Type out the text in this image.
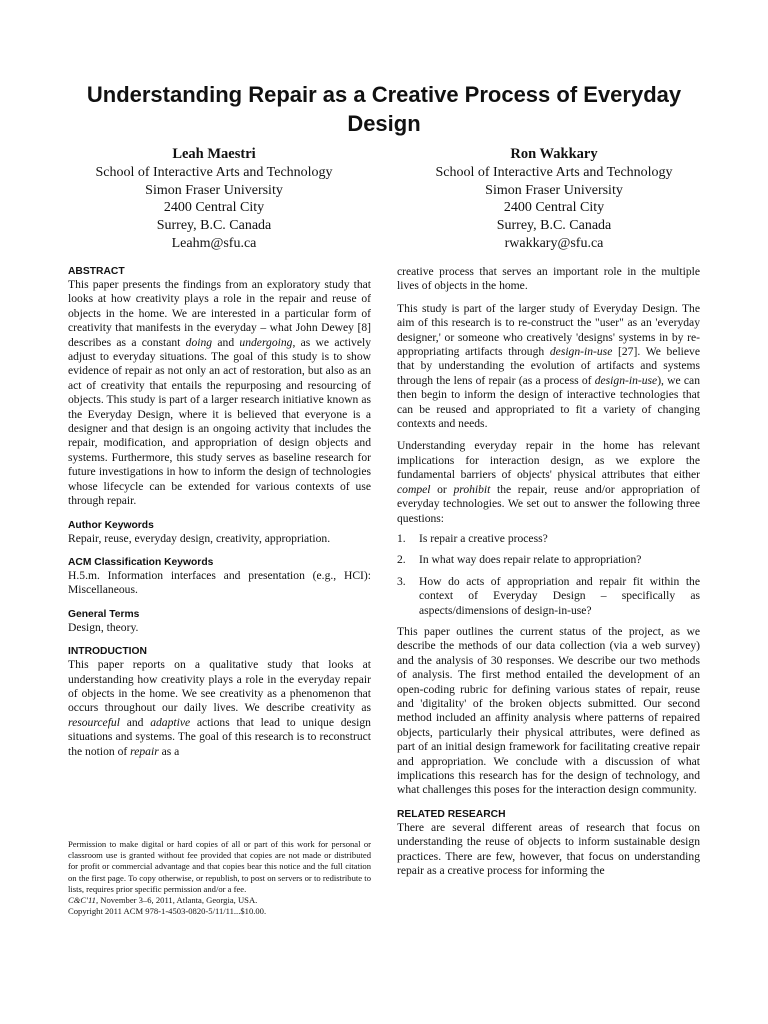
Understanding Repair as a Creative Process of Everyday Design
Leah Maestri
School of Interactive Arts and Technology
Simon Fraser University
2400 Central City
Surrey, B.C. Canada
Leahm@sfu.ca
Ron Wakkary
School of Interactive Arts and Technology
Simon Fraser University
2400 Central City
Surrey, B.C. Canada
rwakkary@sfu.ca
ABSTRACT

This paper presents the findings from an exploratory study that looks at how creativity plays a role in the repair and reuse of objects in the home. We are interested in a particular form of creativity that manifests in the everyday – what John Dewey [8] describes as a constant doing and undergoing, as we actively adjust to everyday situations. The goal of this study is to show evidence of repair as not only an act of restoration, but also as an act of creativity that entails the repurposing and resourcing of objects. This study is part of a larger research initiative known as the Everyday Design, where it is believed that everyone is a designer and that design is an ongoing activity that includes the repair, modification, and appropriation of design objects and systems. Furthermore, this study serves as baseline research for future investigations in how to inform the design of technologies whose lifecycle can be extended for various contexts of use through repair.

Author Keywords

Repair, reuse, everyday design, creativity, appropriation.

ACM Classification Keywords

H.5.m. Information interfaces and presentation (e.g., HCI): Miscellaneous.

General Terms

Design, theory.

INTRODUCTION

This paper reports on a qualitative study that looks at understanding how creativity plays a role in the everyday repair of objects in the home. We see creativity as a phenomenon that occurs throughout our daily lives. We describe creativity as resourceful and adaptive actions that lead to unique design situations and systems. The goal of this research is to reconstruct the notion of repair as a

Permission to make digital or hard copies of all or part of this work for personal or classroom use is granted without fee provided that copies are not made or distributed for profit or commercial advantage and that copies bear this notice and the full citation on the first page. To copy otherwise, or republish, to post on servers or to redistribute to lists, requires prior specific permission and/or a fee.

C&C'11, November 3–6, 2011, Atlanta, Georgia, USA.

Copyright 2011 ACM 978-1-4503-0820-5/11/11...$10.00.

creative process that serves an important role in the multiple lives of objects in the home.

This study is part of the larger study of Everyday Design. The aim of this research is to re-construct the "user" as an 'everyday designer,' or someone who creatively 'designs' systems in by re-appropriating artifacts through design-in-use [27]. We believe that by understanding the evolution of artifacts and systems through the lens of repair (as a process of design-in-use), we can then begin to inform the design of interactive technologies that can be reused and appropriated to fit a variety of changing contexts and needs.

Understanding everyday repair in the home has relevant implications for interaction design, as we explore the fundamental barriers of objects' physical attributes that either compel or prohibit the repair, reuse and/or appropriation of everyday technologies. We set out to answer the following three questions:

1.	Is repair a creative process?
2.	In what way does repair relate to appropriation?
3.	How do acts of appropriation and repair fit within the context of Everyday Design – specifically as aspects/dimensions of design-in-use?

This paper outlines the current status of the project, as we describe the methods of our data collection (via a web survey) and the analysis of 30 responses. We describe our two methods of analysis. The first method entailed the development of an open-coding rubric for defining various states of repair, reuse and 'digitality' of the broken objects submitted. Our second method included an affinity analysis where patterns of repaired objects, particularly their physical attributes, were defined as part of an initial design framework for facilitating creative repair and appropriation. We conclude with a discussion of what implications this research has for the design of technology, and what challenges this poses for the interaction design community.

RELATED RESEARCH

There are several different areas of research that focus on understanding the reuse of objects to inform sustainable design practices. There are few, however, that focus on understanding repair as a creative process for informing the
